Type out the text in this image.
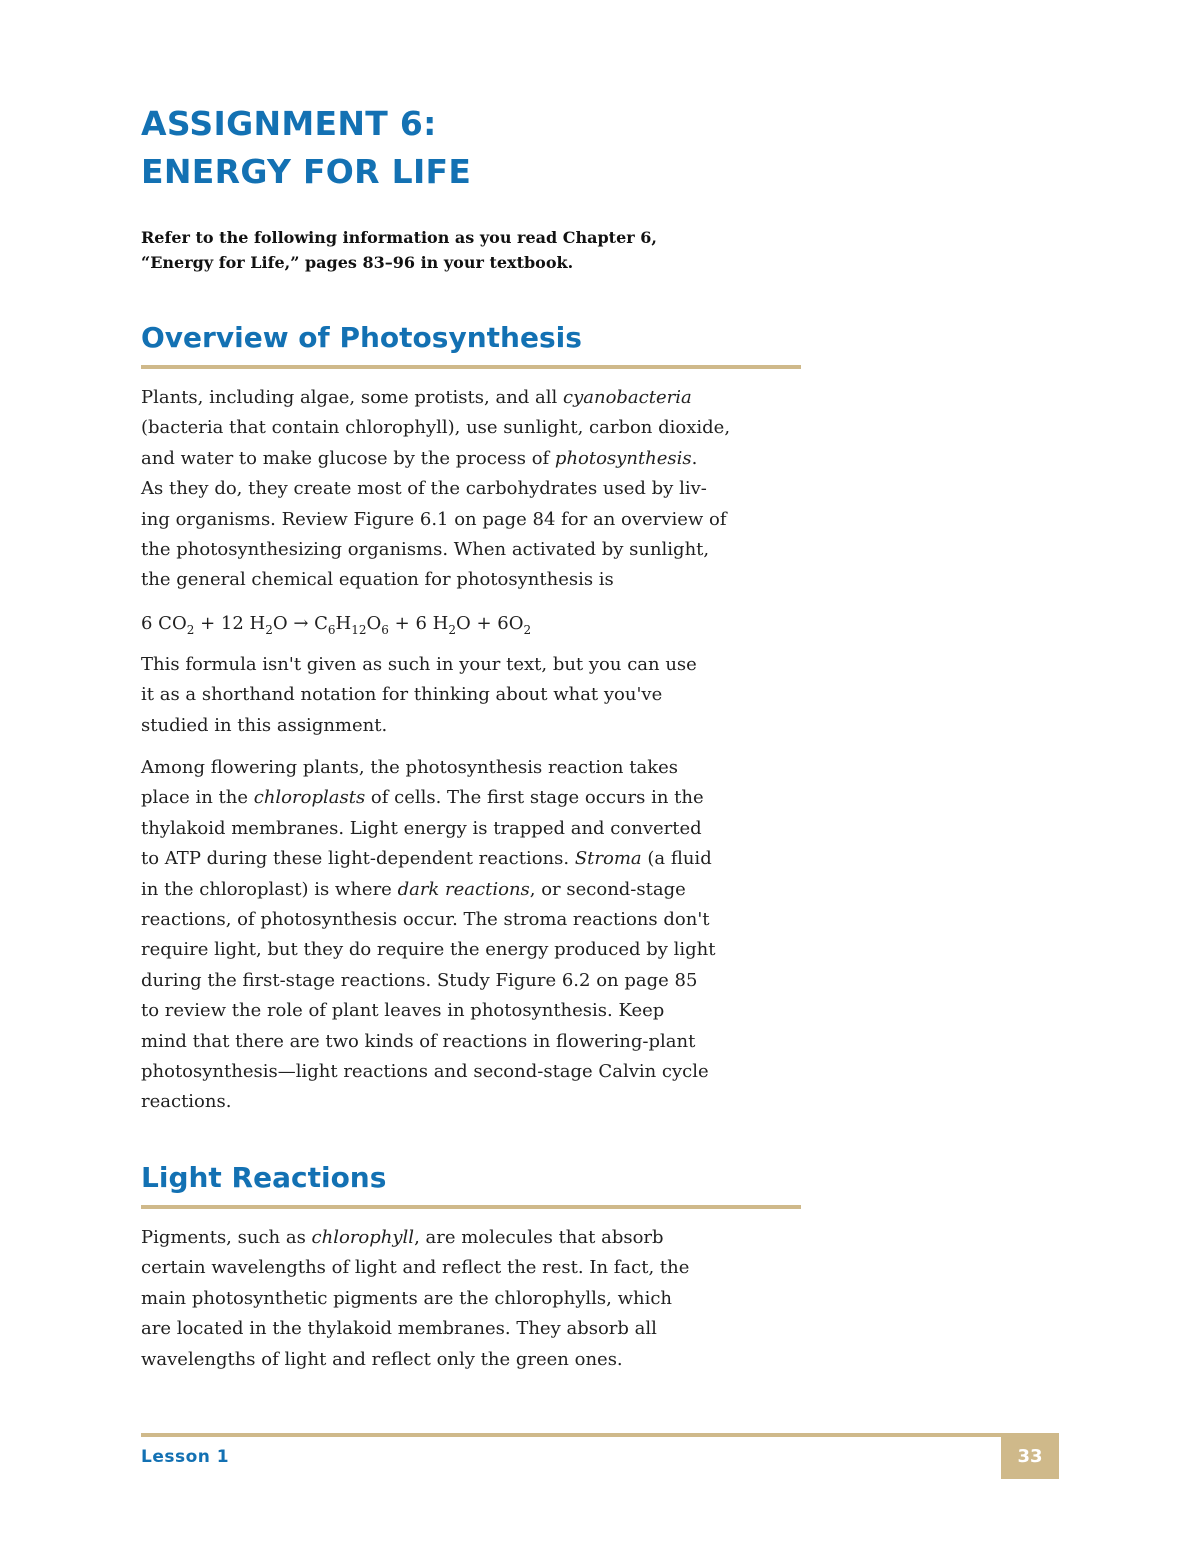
ASSIGNMENT 6:
ENERGY FOR LIFE
Refer to the following information as you read Chapter 6,
“Energy for Life,” pages 83–96 in your textbook.
Overview of Photosynthesis
Plants, including algae, some protists, and all cyanobacteria
(bacteria that contain chlorophyll), use sunlight, carbon dioxide,
and water to make glucose by the process of photosynthesis.
As they do, they create most of the carbohydrates used by liv-
ing organisms. Review Figure 6.1 on page 84 for an overview of
the photosynthesizing organisms. When activated by sunlight,
the general chemical equation for photosynthesis is
6 $CO_2 + 12$ $H_2O \to C_6H_{12}O_6 + 6$ $H_2O + 6O_2$
This formula isn't given as such in your text, but you can use
it as a shorthand notation for thinking about what you've
studied in this assignment.
Among flowering plants, the photosynthesis reaction takes
place in the chloroplasts of cells. The first stage occurs in the
thylakoid membranes. Light energy is trapped and converted
to ATP during these light-dependent reactions. Stroma (a fluid
in the chloroplast) is where dark reactions, or second-stage
reactions, of photosynthesis occur. The stroma reactions don't
require light, but they do require the energy produced by light
during the first-stage reactions. Study Figure 6.2 on page 85
to review the role of plant leaves in photosynthesis. Keep
mind that there are two kinds of reactions in flowering-plant
photosynthesis—light reactions and second-stage Calvin cycle
reactions.
Light Reactions
Pigments, such as chlorophyll, are molecules that absorb
certain wavelengths of light and reflect the rest. In fact, the
main photosynthetic pigments are the chlorophylls, which
are located in the thylakoid membranes. They absorb all
wavelengths of light and reflect only the green ones.
Lesson 1	33
